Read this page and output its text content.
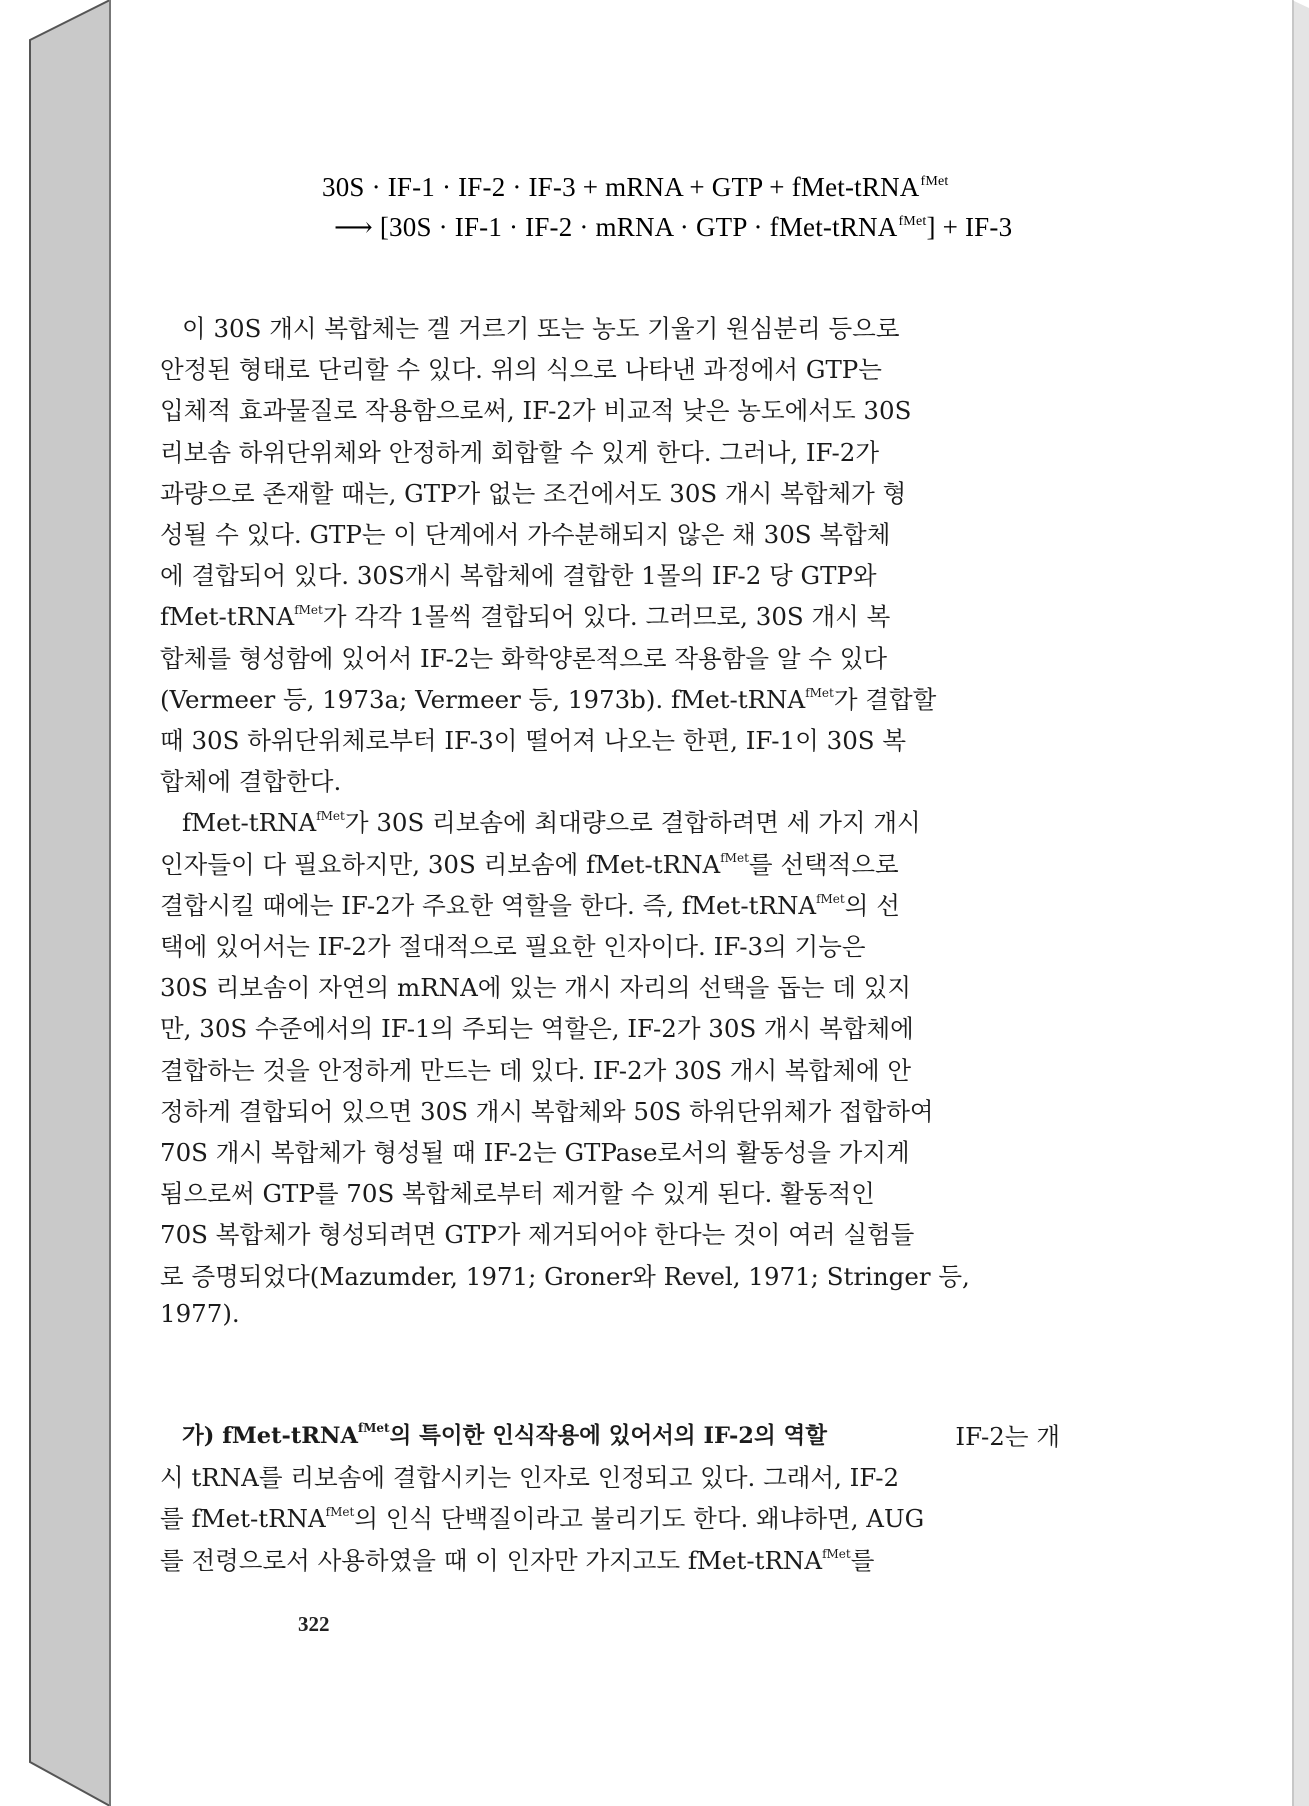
30S · IF-1 · IF-2 · IF-3 + mRNA + GTP + fMet-tRNA$^{fMet}$
⟶ [30S · IF-1 · IF-2 · mRNA · GTP · fMet-tRNA$^{fMet}$] + IF-3
이 30S 개시 복합체는 겔 거르기 또는 농도 기울기 원심분리 등으로
안정된 형태로 단리할 수 있다. 위의 식으로 나타낸 과정에서 GTP는
입체적 효과물질로 작용함으로써, IF-2가 비교적 낮은 농도에서도 30S
리보솜 하위단위체와 안정하게 회합할 수 있게 한다. 그러나, IF-2가
과량으로 존재할 때는, GTP가 없는 조건에서도 30S 개시 복합체가 형
성될 수 있다. GTP는 이 단계에서 가수분해되지 않은 채 30S 복합체
에 결합되어 있다. 30S개시 복합체에 결합한 1몰의 IF-2 당 GTP와
fMet-tRNA$^{fMet}$가 각각 1몰씩 결합되어 있다. 그러므로, 30S 개시 복
합체를 형성함에 있어서 IF-2는 화학양론적으로 작용함을 알 수 있다
(Vermeer 등, 1973a; Vermeer 등, 1973b). fMet-tRNA$^{fMet}$가 결합할
때 30S 하위단위체로부터 IF-3이 떨어져 나오는 한편, IF-1이 30S 복
합체에 결합한다.
fMet-tRNA$^{fMet}$가 30S 리보솜에 최대량으로 결합하려면 세 가지 개시
인자들이 다 필요하지만, 30S 리보솜에 fMet-tRNA$^{fMet}$를 선택적으로
결합시킬 때에는 IF-2가 주요한 역할을 한다. 즉, fMet-tRNA$^{fMet}$의 선
택에 있어서는 IF-2가 절대적으로 필요한 인자이다. IF-3의 기능은
30S 리보솜이 자연의 mRNA에 있는 개시 자리의 선택을 돕는 데 있지
만, 30S 수준에서의 IF-1의 주되는 역할은, IF-2가 30S 개시 복합체에
결합하는 것을 안정하게 만드는 데 있다. IF-2가 30S 개시 복합체에 안
정하게 결합되어 있으면 30S 개시 복합체와 50S 하위단위체가 접합하여
70S 개시 복합체가 형성될 때 IF-2는 GTPase로서의 활동성을 가지게
됨으로써 GTP를 70S 복합체로부터 제거할 수 있게 된다. 활동적인
70S 복합체가 형성되려면 GTP가 제거되어야 한다는 것이 여러 실험들
로 증명되었다(Mazumder, 1971; Groner와 Revel, 1971; Stringer 등,
1977).
가) fMet-tRNA$^{fMet}$의 특이한 인식작용에 있어서의 IF-2의 역할	IF-2는 개
시 tRNA를 리보솜에 결합시키는 인자로 인정되고 있다. 그래서, IF-2
를 fMet-tRNA$^{fMet}$의 인식 단백질이라고 불리기도 한다. 왜냐하면, AUG
를 전령으로서 사용하였을 때 이 인자만 가지고도 fMet-tRNA$^{fMet}$를
322
